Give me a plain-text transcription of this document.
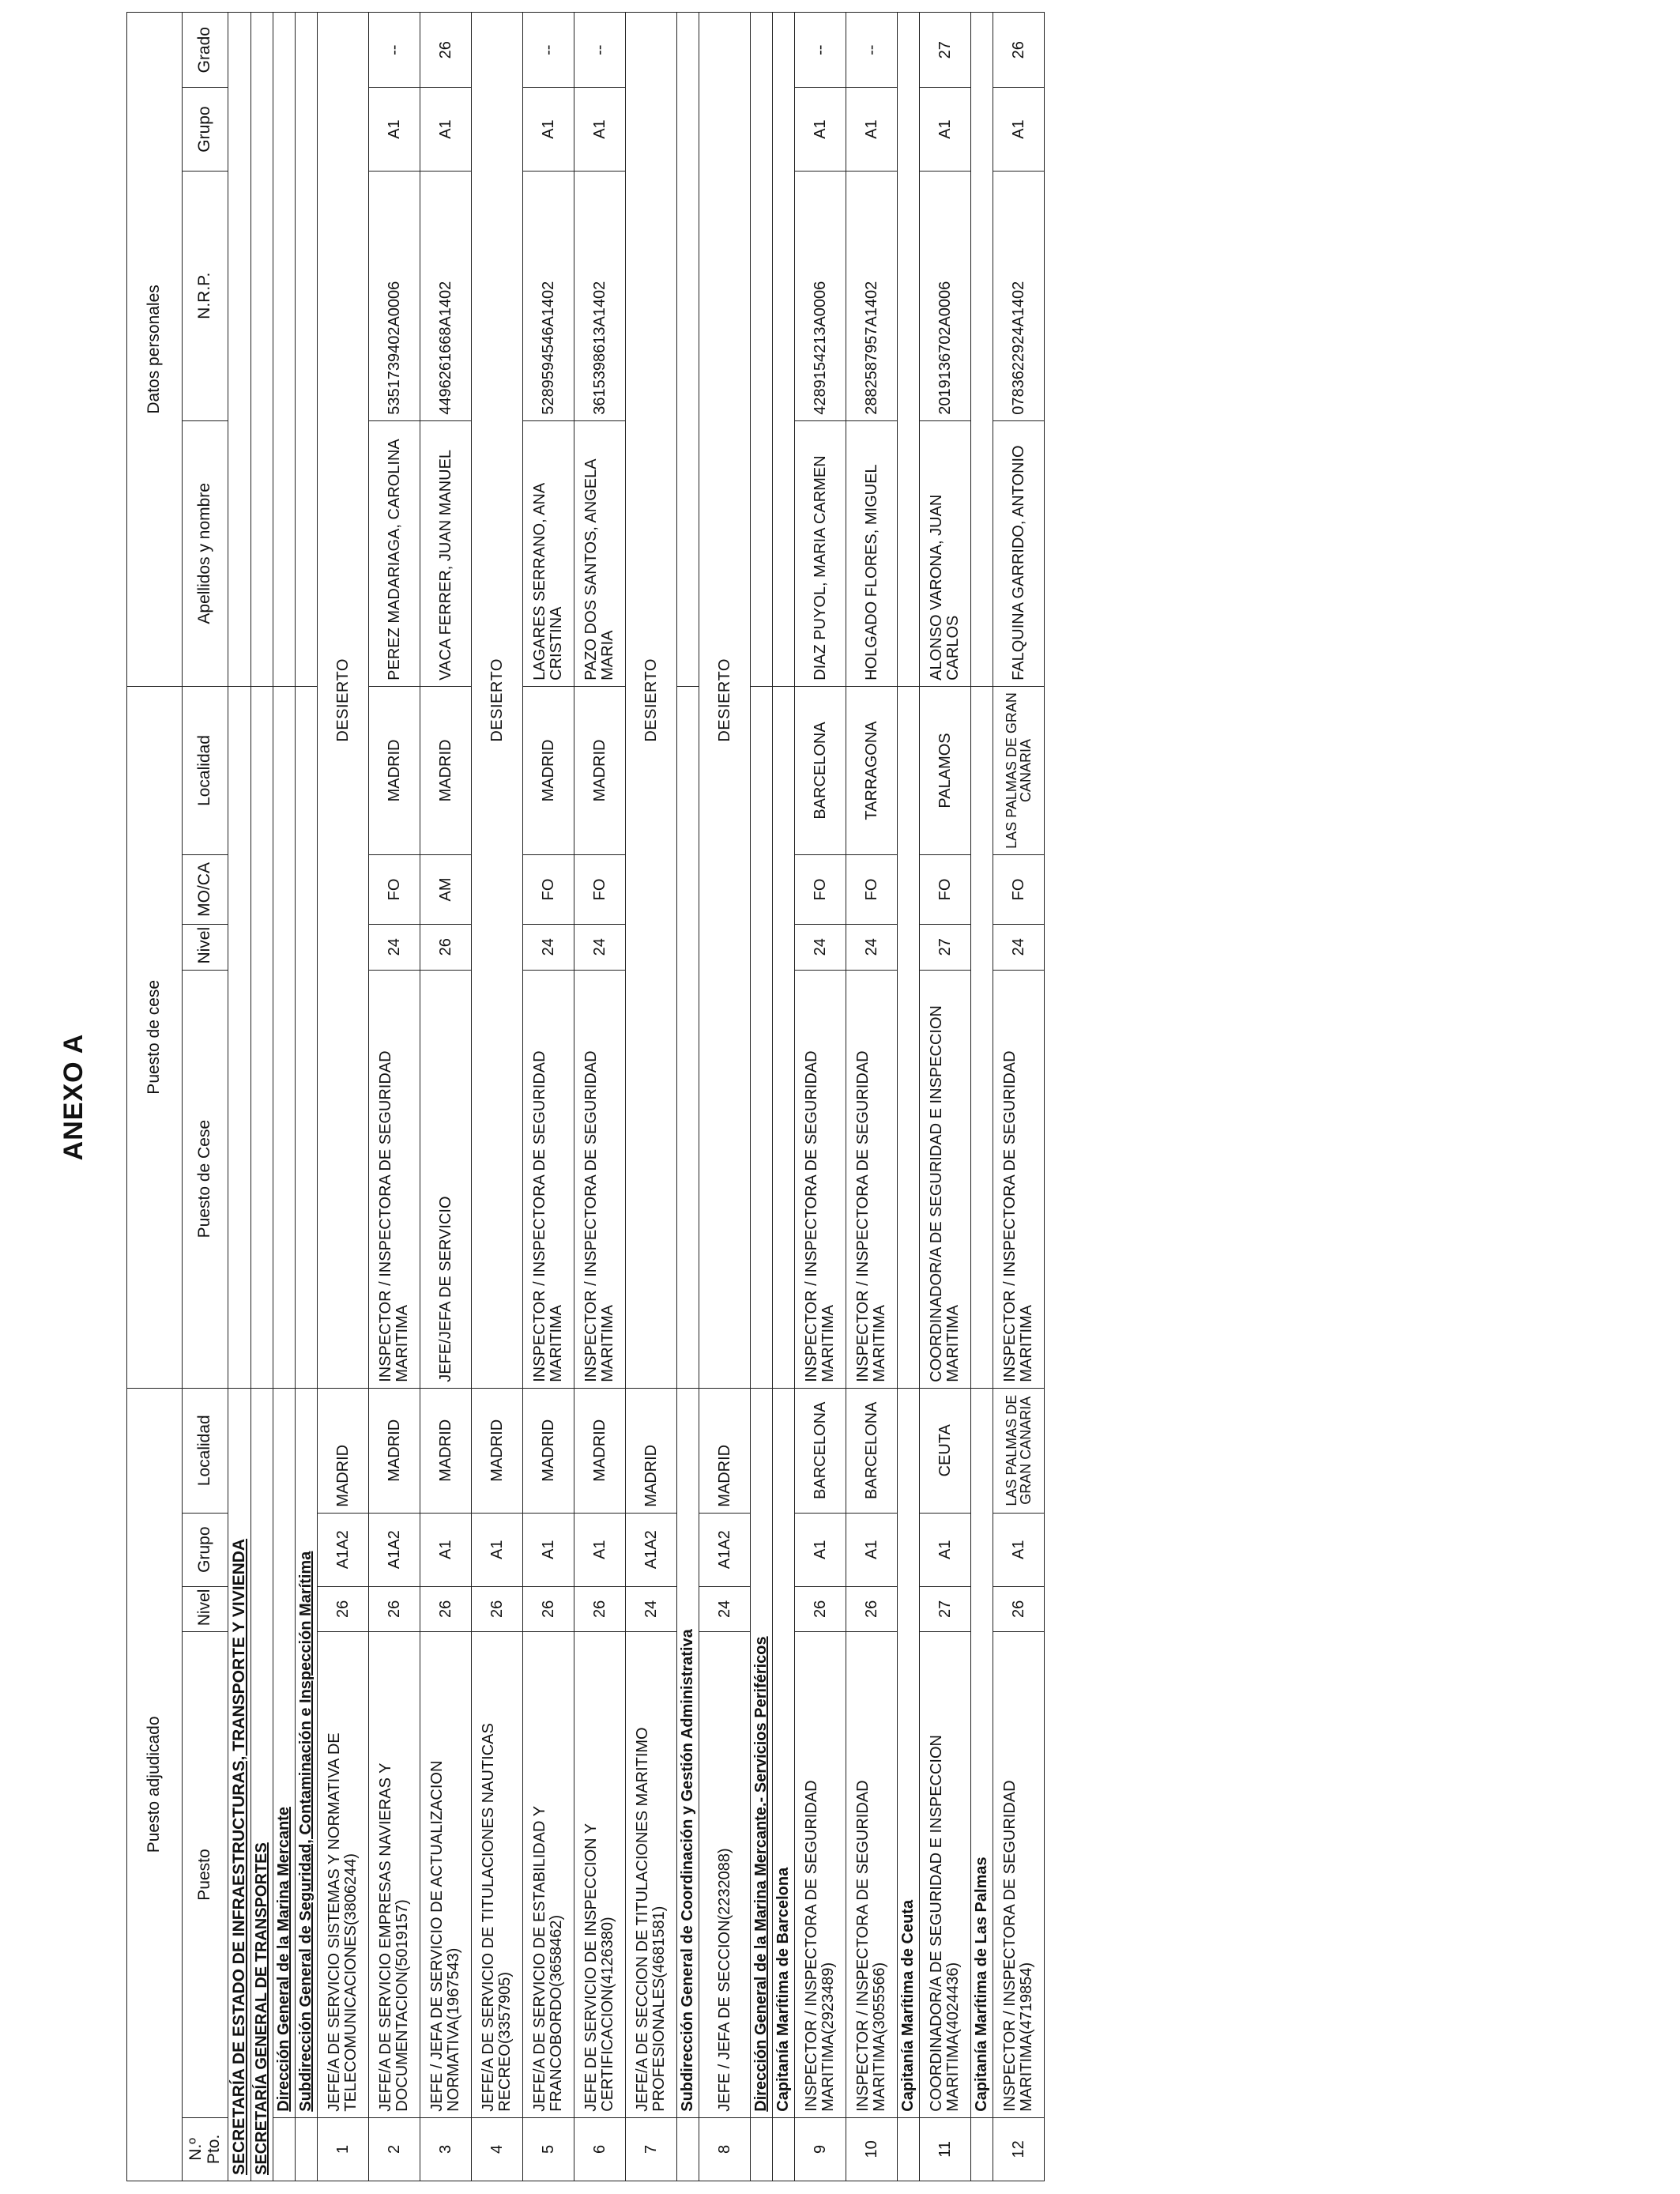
ANEXO A
Puesto adjudicado					Puesto de cese				Datos personales			
N.º Pto.	Puesto	Nivel	Grupo	Localidad	Puesto de Cese	Nivel	MO/CA	Localidad	Apellidos y nombre	N.R.P.	Grupo	Grado
SECRETARÍA DE ESTADO DE INFRAESTRUCTURAS, TRANSPORTE Y VIVIENDA												
SECRETARÍA GENERAL DE TRANSPORTES												
	Dirección General de la Marina Mercante											
	Subdirección General de Seguridad, Contaminación e Inspección Marítima											
1	JEFE/A DE SERVICIO SISTEMAS Y NORMATIVA DE TELECOMUNICACIONES(3806244)	26	A1A2	MADRID	DESIERTO							
2	JEFE/A DE SERVICIO EMPRESAS NAVIERAS Y DOCUMENTACION(5019157)	26	A1A2	MADRID	INSPECTOR / INSPECTORA DE SEGURIDAD MARITIMA	24	FO	MADRID	PEREZ MADARIAGA, CAROLINA	5351739402A0006	A1	--
3	JEFE / JEFA DE SERVICIO DE ACTUALIZACION NORMATIVA(1967543)	26	A1	MADRID	JEFE/JEFA DE SERVICIO	26	AM	MADRID	VACA FERRER, JUAN MANUEL	4496261668A1402	A1	26
4	JEFE/A DE SERVICIO DE TITULACIONES NAUTICAS RECREO(3357905)	26	A1	MADRID	DESIERTO							
5	JEFE/A DE SERVICIO DE ESTABILIDAD Y FRANCOBORDO(3658462)	26	A1	MADRID	INSPECTOR / INSPECTORA DE SEGURIDAD MARITIMA	24	FO	MADRID	LAGARES SERRANO, ANA CRISTINA	5289594546A1402	A1	--
6	JEFE DE SERVICIO DE INSPECCION Y CERTIFICACION(4126380)	26	A1	MADRID	INSPECTOR / INSPECTORA DE SEGURIDAD MARITIMA	24	FO	MADRID	PAZO DOS SANTOS, ANGELA MARIA	3615398613A1402	A1	--
7	JEFE/A DE SECCION DE TITULACIONES MARITIMO PROFESIONALES(4681581)	24	A1A2	MADRID	DESIERTO							
	Subdirección General de Coordinación y Gestión Administrativa											
8	JEFE / JEFA DE SECCION(2232088)	24	A1A2	MADRID	DESIERTO							
	Dirección General de la Marina Mercante.- Servicios Periféricos											
	Capitanía Marítima de Barcelona											
9	INSPECTOR / INSPECTORA DE SEGURIDAD MARITIMA(2923489)	26	A1	BARCELONA	INSPECTOR / INSPECTORA DE SEGURIDAD MARITIMA	24	FO	BARCELONA	DIAZ PUYOL, MARIA CARMEN	4289154213A0006	A1	--
10	INSPECTOR / INSPECTORA DE SEGURIDAD MARITIMA(3055566)	26	A1	BARCELONA	INSPECTOR / INSPECTORA DE SEGURIDAD MARITIMA	24	FO	TARRAGONA	HOLGADO FLORES, MIGUEL	2882587957A1402	A1	--
	Capitanía Marítima de Ceuta											
11	COORDINADOR/A DE SEGURIDAD E INSPECCION MARITIMA(4024436)	27	A1	CEUTA	COORDINADOR/A DE SEGURIDAD E INSPECCION MARITIMA	27	FO	PALAMOS	ALONSO VARONA, JUAN CARLOS	2019136702A0006	A1	27
	Capitanía Marítima de Las Palmas											
12	INSPECTOR / INSPECTORA DE SEGURIDAD MARITIMA(4719854)	26	A1	LAS PALMAS DE GRAN CANARIA	INSPECTOR / INSPECTORA DE SEGURIDAD MARITIMA	24	FO	LAS PALMAS DE GRAN CANARIA	FALQUINA GARRIDO, ANTONIO	0783622924A1402	A1	26
